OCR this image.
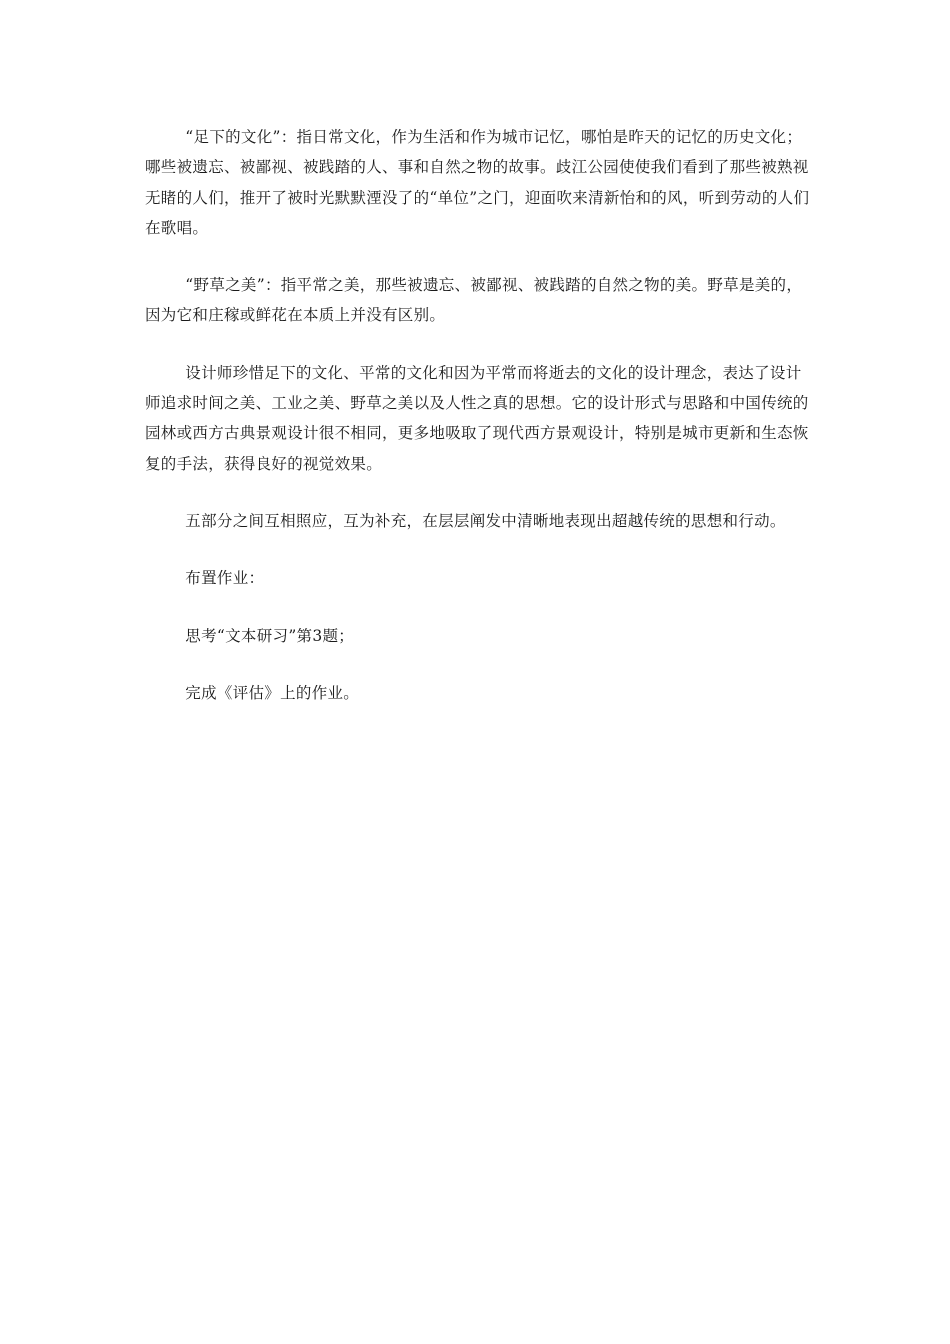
“足下的文化”：指日常文化，作为生活和作为城市记忆，哪怕是昨天的记忆的历史文化；哪些被遗忘、被鄙视、被践踏的人、事和自然之物的故事。歧江公园使使我们看到了那些被熟视无睹的人们，推开了被时光默默湮没了的“单位”之门，迎面吹来清新怡和的风，听到劳动的人们在歌唱。

“野草之美”：指平常之美，那些被遗忘、被鄙视、被践踏的自然之物的美。野草是美的，因为它和庄稼或鲜花在本质上并没有区别。

设计师珍惜足下的文化、平常的文化和因为平常而将逝去的文化的设计理念，表达了设计师追求时间之美、工业之美、野草之美以及人性之真的思想。它的设计形式与思路和中国传统的园林或西方古典景观设计很不相同，更多地吸取了现代西方景观设计，特别是城市更新和生态恢复的手法，获得良好的视觉效果。

五部分之间互相照应，互为补充，在层层阐发中清晰地表现出超越传统的思想和行动。

布置作业：

思考“文本研习”第3题；

完成《评估》上的作业。
